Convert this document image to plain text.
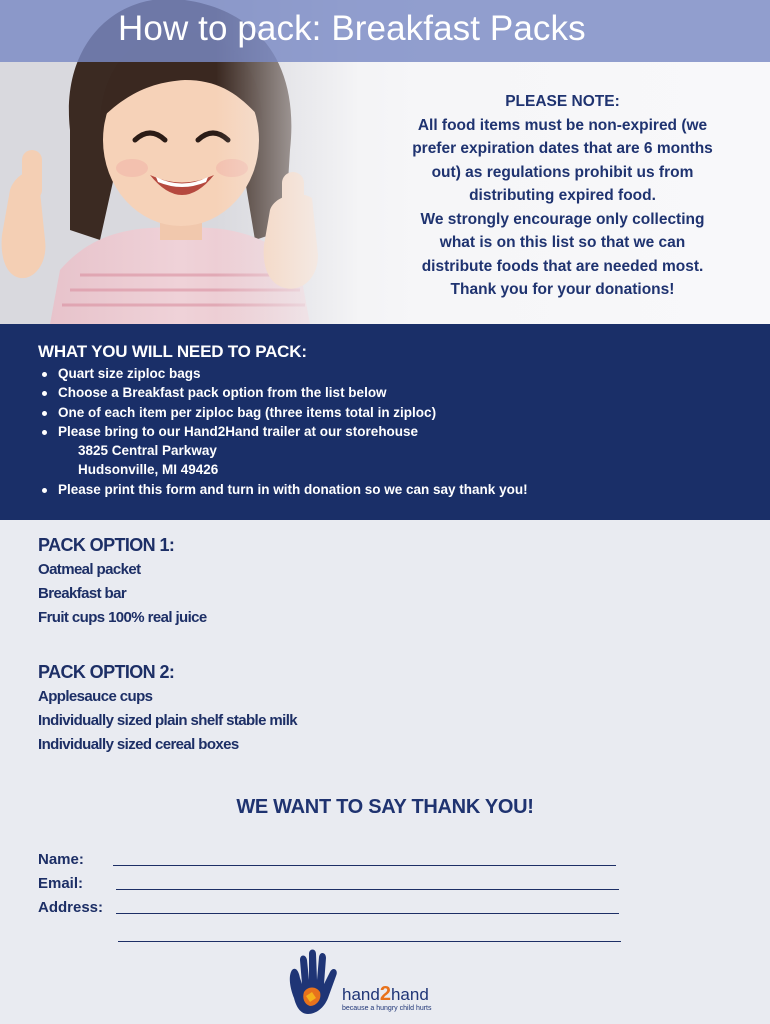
How to pack: Breakfast Packs
PLEASE NOTE:
All food items must be non-expired (we
prefer expiration dates that are 6 months
out) as regulations prohibit us from
distributing expired food.
We strongly encourage only collecting
what is on this list so that we can
distribute foods that are needed most.
Thank you for your donations!
WHAT YOU WILL NEED TO PACK:
Quart size ziploc bags
Choose a Breakfast pack option from the list below
One of each item per ziploc bag (three items total in ziploc)
Please bring to our Hand2Hand trailer at our storehouse
3825 Central Parkway
Hudsonville, MI 49426
Please print this form and turn in with donation so we can say thank you!
PACK OPTION 1:
Oatmeal packet
Breakfast bar
Fruit cups 100% real juice
PACK OPTION 2:
Applesauce cups
Individually sized plain shelf stable milk
Individually sized cereal boxes
WE WANT TO SAY THANK YOU!
Name:
Email:
Address:
hand2hand
because a hungry child hurts
